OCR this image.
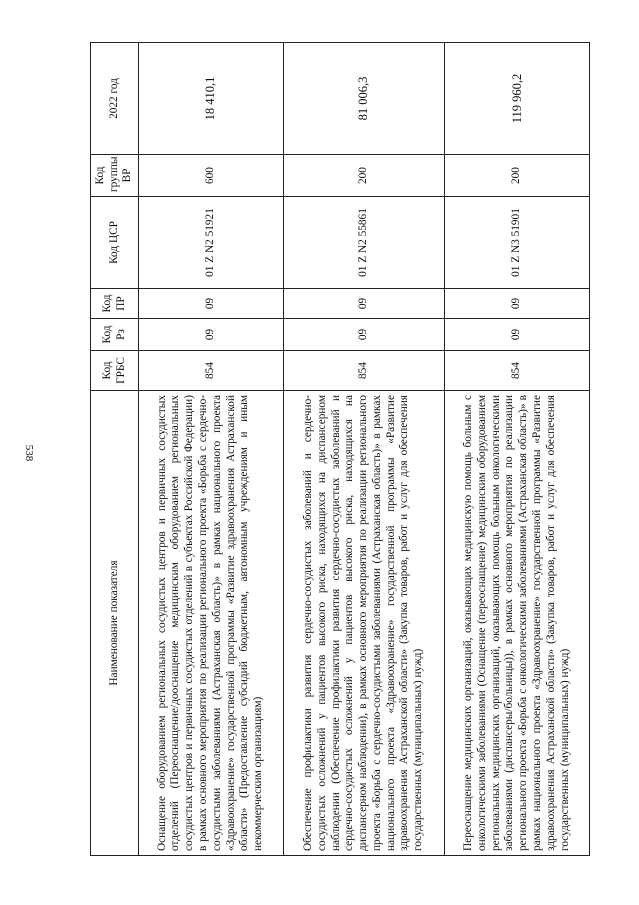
538
Наименование показателя	Код ГРБС	Код Рз	Код ПР	Код ЦСР	Код группы ВР	2022 год
Оснащение оборудованием региональных сосудистых центров и первичных сосудистых отделений (Переоснащение/дооснащение медицинским оборудованием региональных сосудистых центров и первичных сосудистых отделений в субъектах Российской Федерации) в рамках основного мероприятия по реализации регионального проекта «Борьба с сердечно-сосудистыми заболеваниями (Астраханская область)» в рамках национального проекта «Здравоохранение» государственной программы «Развитие здравоохранения Астраханской области» (Предоставление субсидий бюджетным, автономным учреждениям и иным некоммерческим организациям)	854	09	09	01 Z N2 51921	600	18 410,1
Обеспечение профилактики развития сердечно-сосудистых заболеваний и сердечно-сосудистых осложнений у пациентов высокого риска, находящихся на диспансерном наблюдении (Обеспечение профилактики развития сердечно-сосудистых заболеваний и сердечно-сосудистых осложнений у пациентов высокого риска, находящихся на диспансерном наблюдении), в рамках основного мероприятия по реализации регионального проекта «Борьба с сердечно-сосудистыми заболеваниями (Астраханская область)» в рамках национального проекта «Здравоохранение» государственной программы «Развитие здравоохранения Астраханской области» (Закупка товаров, работ и услуг для обеспечения государственных (муниципальных) нужд)	854	09	09	01 Z N2 55861	200	81 006,3
Переоснащение медицинских организаций, оказывающих медицинскую помощь больным с онкологическими заболеваниями (Оснащение (переоснащение) медицинским оборудованием региональных медицинских организаций, оказывающих помощь больным онкологическими заболеваниями (диспансеры/больницы)), в рамках основного мероприятия по реализации регионального проекта «Борьба с онкологическими заболеваниями (Астраханская область)» в рамках национального проекта «Здравоохранение» государственной программы «Развитие здравоохранения Астраханской области» (Закупка товаров, работ и услуг для обеспечения государственных (муниципальных) нужд)	854	09	09	01 Z N3 51901	200	119 960,2
